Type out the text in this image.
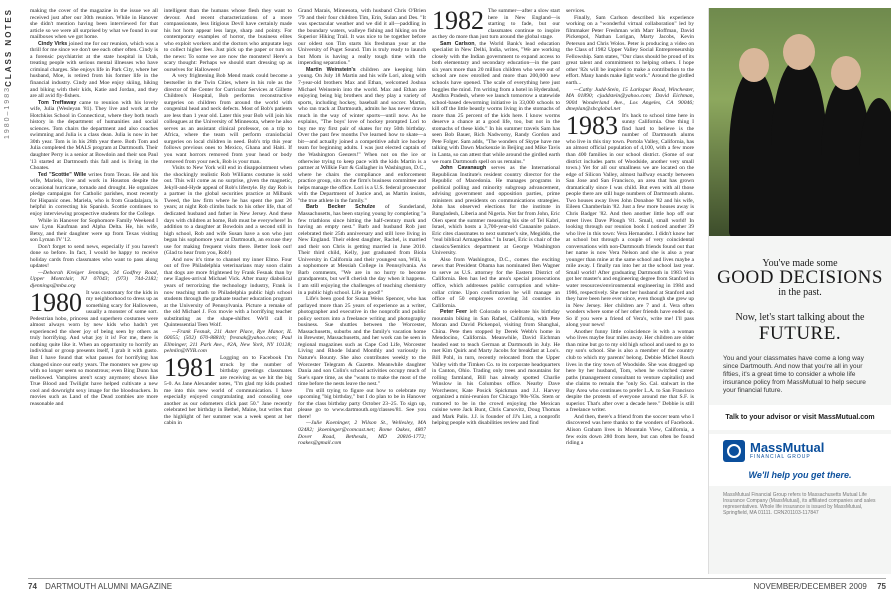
CLASS NOTES
1980–1983

making the cover of the magazine in the issue we all received just after our 30th reunion. While in Hanover she didn't mention having been interviewed for that article so we were all surprised by what we found in our mailboxes when we got home.

Cindy Virks joined me for our reunion, which was a thrill for me since we don't see each other often. Cindy is a forensic psychiatrist at the state hospital in Utah, treating people with serious mental illnesses who have criminal charges. She enjoys life in Park City, where her husband, Moe, is retired from his former life in the financial industry. Cindy and Moe enjoy skiing, hiking and biking with their kids, Katie and Jordan, and they are all avid fly-fishers.

Tom Treffaway came to reunion with his lovely wife, Julia (Wesleyan '81). They live and work at the Hotchkiss School in Connecticut, where they both teach history in the department of humanities and social sciences. Tom chairs the department and also coaches swimming and Julia is a class dean. Julia is now in her 30th year. Tom is in his 28th year there. Both Tom and Julia completed the MALS program at Dartmouth. Their daughter Perry is a senior at Bowdoin and their son Paul '13 started at Dartmouth this fall and is living in the Choates.

Ted "Scottie" Wille writes from Texas. He and his wife, Mariela, live and work in Houston despite the occasional hurricane, tornado and drought. He organizes pledge campaigns for Catholic parishes, most recently for Hispanic ones. Mariela, who is from Guadalajara, is helpful in correcting his Spanish. Scottie continues to enjoy interviewing prospective students for the College.

While in Hanover for Sophomore Family Weekend I saw Lynn Kaufman and Alpha Delta. He, his wife, Betsy, and their daughter were up from Texas visiting son Lyman IV '12.

Don't forget to send news, especially if you haven't done so before. In fact, I would be happy to receive holiday cards from classmates who want to pass along updates!

—Deborah Kreiger Jennings, 34 Godfrey Road, Upper Montclair, NJ 07043; (973) 744-2182; djennings@mba.org

1980 It was customary for the kids in my neighborhood to dress up as something scary for Halloween, usually a monster of some sort. Pedestrian hobo, princess and superhero costumes were almost always worn by new kids who hadn't yet experienced the sheer joy of being seen by others as truly horrifying. And what joy it is! For me, there is nothing quite like it. When an opportunity to horrify an individual or group presents itself, I grab it with gusto. But I have found that what passes for horrifying has changed since our early years. The monsters we grew up with no longer seem so monstrous; even Bing Dunn has mellowed. Vampires aren't scary anymore; shows like True Blood and Twilight have helped cultivate a new cool and downright sexy image for the bloodsuckers. In movies such as Land of the Dead zombies are more reasonable and

intelligent than the humans whose flesh they want to devour. And recent characterizations of a more compassionate, less litigious Devil have certainly made his hot horn appear less large, sharp and pointy. For contemporary examples of horror, the business elites who exploit workers and the doctors who amputate legs to collect higher fees. Just pick up the paper or turn on the news: To some we are now the monsters! Here's a scary thought: Perhaps we should start dressing up as ourselves for Halloween!

A very frightening Bob Mend mask could become a bestseller in the Twin Cities, where in his role as the director of the Center for Curricular Services at Gillette Children's Hospital, Bob performs reconstructive surgeries on children from around the world with congenital head and neck defects. Most of Bob's patients are less than 1 year old. Later this year Bob will join his colleagues at the University of Minnesota, where he also serves as an assistant clinical professor, on a trip to Africa, where the team will perform craniofacial surgeries on local children in need. Bob's trip this year follows previous ones to Mexico, Ghana and Haiti. If you want horrors removed from your head or body removed from your neck, Bob is your man.

Visits to New York will end in disappointment when the shockingly realistic Rob Williams costume is sold out. This will come as no surprise, given the magnetic, Jekyll-and-Hyde appeal of Rob's lifestyle. By day Rob is a partner in the global securities practice at Milbank Tweed, the law firm where he has spent the past 26 years; at night Rob climbs back to his other life, that of dedicated husband and father in New Jersey. And these days with children at home, Rob must be everywhere! In addition to a daughter at Bowdoin and a second still in high school, Rob and wife Susan have a son who just began his sophomore year at Dartmouth, an excuse they use for making frequent visits there. Better look out! (Glad to hear from you, Rob!)

And now it's time to channel my inner Elmo. Four out of five Philadelphia veterinarians may soon claim that dogs are more frightened by Frank Fesnak than by new Eagles-arrival Michael Vick. After many diabolical years of terrorizing the technology industry, Frank is now teaching math to Philadelphia public high school students through the graduate teacher education program at the University of Pennsylvania. Picture a remake of the old Michael J. Fox movie with a horrifying teacher substituting as the shape-shifter. We'll call it Quintessential Teen Wolf.

—Frank Fesnak, 211 Aster Place, Rye Manor, IL 60055; (502) 670-88810; fresnak@yahoo.com; Paul Ellminger, 211 Park Ave., #2A, New York, NY 10128; pelmlin@NYB.com

1981 Logging on to Facebook I'm struck by the number of birthday greetings classmates are receiving as we hit the big 5-0. As Jane Alexander notes, "I'm glad my kids pushed me into this new world of communication. I have especially enjoyed congratulating and consoling one another as our odometers click past 50." Jane recently celebrated her birthday in Bethel, Maine, but writes that the highlight of her summer was a week spent at her cabin in

Grand Marais, Minnesota, with husband Chris O'Brien '79 and their four children Tim, Erin, Sulan and Des. "It was spectacular weather and we did it all—paddling in the boundary waters, walleye fishing and hiking on the Superior Hiking Trail. It was nice to be together before our oldest son Tim starts his freshman year at the University of Puget Sound. Tim is truly ready to launch but Mom is having a really tough time with the impending separation."

Martin Weinstein's children are keeping him young. On July 18 Martin and his wife Lori, along with 7-year-old brothers Max and Ethan, welcomed Joshua Michael Weinstein into the world. Max and Ethan are enjoying being big brothers and they play a variety of sports, including hockey, baseball and soccer. Martin, who ran track at Dartmouth, admits he has never drawn much in the way of winter sports—until now. As he explains, "The boys' love of hockey prompted Lori to buy me my first pair of skates for my 50th birthday. Over the past few months I've learned how to skate—a bit—and actually joined a competitive adult ice hockey team for beginning adults. I was just elected captain of the Washington Geezers!" When not on the ice or otherwise trying to keep pace with the kids Martin is a partner at Willkie Farr & Gallagher in Washington, D.C., where he chairs the compliance and enforcement practice group, sits on the firm's business committee and helps manage the office. Lori is a U.S. federal prosecutor with the Department of Justice and, as Martin insists, "the true athlete in the family."

Barb Becker Schulze of Sunderland, Massachusetts, has been staying young by completing "a few triathlons since hitting the half-century mark and having an empty nest." Barb and husband Rob just celebrated their 25th anniversary and still love living in New England. Their eldest daughter, Rachel, is married and their son Chris is getting married in June 2010. Their third child, Kelly, just graduated from Biola University in California and their youngest son, Will, is a sophomore at Messiah College in Pennsylvania. As Barb comments, "We are in no hurry to become grandparents, but we'll cherish the day when it happens. I am still enjoying the challenges of teaching chemistry in a public high school. Life is good!"

Life's been good for Susan Weiss Spencer, who has parlayed more than 25 years of experience as a writer, photographer and executive in the nonprofit and public policy sectors into a freelance writing and photography business. Sue shuttles between the Worcester, Massachusetts, suburbs and the family's vacation home in Brewster, Massachusetts, and her work can be seen in regional magazines such as Cape Cod Life, Worcester Living and Rhode Island Monthly and variously in Nature's Bounty. She also contributes weekly to the Worcester Telegram & Gazette. Meanwhile daughter Dania and son Colin's school activities occupy much of Sue's spare time, as she "wants to make the most of the time before the nests leave the nest."

I'm still trying to figure out how to celebrate my upcoming "big birthday," but I do plan to be in Hanover for the class birthday party October 23–25. To sign up, please go to www.dartmouth.org/classes/81. See you there!

—Julie Koeninger, 2 Wilson St., Wellesley, MA 02482; jkoeninger@comcast.net; Rome Oakes, 4807 Dover Road, Bethesda, MD 20816-1772; roakes@gmail.com

1982 The summer—after a slow start here in New England—is starting to fade, but our classmates continue to inspire as they do more than just turn around the global stage.

Sam Carlson, the World Bank's lead education specialist in New Delhi, India, writes, "We are working closely with the Indian government to expand access to both elementary and secondary education—in the past six years more than 20 million children who were out of school are now enrolled and more than 200,000 new schools have opened. The scale of everything here just boggles the mind. I'm writing from a hotel in Hyderabad, Andhra Pradesh, where we launch tomorrow a statewide school-based deworming initiative in 33,000 schools to kill off the little beastly worms living in the stomachs of more than 25 percent of the kids here. I know worms deserve a chance at a good life, too, but not in the stomachs of these kids." In his summer travels Sam has seen Bob Bauer, Rich Nadworny, Randy Gordon and Pete Folger. Sam adds, "The wonders of Skype have me talking with Dawn Mackenzie in Beijing and Mike Tavis in Lanta, so can attest that while around the girdled earth we roam Dartmouth spell on us remains."

John Cavanaugh serves as the International Republican Institute's resident country director for the Republic of Macedonia. He manages programs in political polling and minority subgroup advancement, advising government and opposition parties, prime ministers and presidents on communications strategies. John has observed elections for the institute in Bangladesh, Liberia and Nigeria. Not far from John, Eric Oien spent the summer measuring his site of Tel Kabri, Israel, which hosts a 3,700-year-old Canaanite palace. Eric cites classmates to next summer's site, Megiddo, the "real biblical Armageddon." In Israel, Eric is chair of the classics/Semitics department at George Washington University.

Also from Washington, D.C., comes the exciting news that President Obama has nominated Ben Wagner to serve as U.S. attorney for the Eastern District of California. Ben has led the area's special prosecutions office, which addresses public corruption and white-collar crime. Upon confirmation he will manage an office of 50 employees covering 34 counties in California.

Peter Feer left Colorado to celebrate his birthday mountain biking in San Rafael, California, with Pete Moran and David Pickenpol, visiting from Shanghai, China. Pete then stopped by Derek Webb's home in Mendocino, California. Meanwhile, David Eichman headed east to teach German at Dartmouth in July. He met Kim Quirk and Marty Jacobs for breakfast at Lou's. Bill Pohl, in turn, recently relocated from the Upper Valley with the Timken Co. to its corporate headquarters in Canton, Ohio. Trading only trees and mountains for rolling farmland, Bill has already spotted Charlie Winslow in his Columbus office. Nearby Dave Worchester, Kate Posick Spickman and J.J. Harvey organized a mini-reunion for Chicago '80s-'83s. Stem or rumored to be in the crowd enjoying the Mexican cuisine were Jack Bunt, Chris Carsovitz, Doug Thomas and Mark Palis. J.J. is founder of JJ's List, a nonprofit helping people with disabilities review and find

services.

Finally, Sam Carlson described his experience working on a "wonderful virtual collaboration" led by filmmaker Peter Freshman with Marr Hoffman, David Pickenpol, Nathan Lorigan, Marty Jacobs, Kevin Peterson and Chris Wolos. Peter is producing a video on the Class of 1982 Upper Valley Social Entrepreneurship Fellowship. Sam states, "Our class should be proud of its great talent and commitment to helping others. I hope other '82s will be inspired to make a contribution to the effort. Many hands make light work." Around the girdled earth...

—Cathy Judd-Stein, 15 Larkspur Road, Winchester, MA 01890; cjuddstein@yahoo.com; David Eichman, 9004 Wonderland Ave., Los Angeles, CA 90046; dmeplan@sbcglobal.net

1983 It's back to school time here in sunny California. One thing I find hard to believe is the number of Dartmouth alums who live in this tiny town. Portola Valley, California, has an almost official population of 4,100, with a few more than 400 families in our school district. (Some of our district includes parts of Woodside, another very small town.) Yet for all our smallness we are located on the edge of Silicon Valley, almost halfway exactly between San Jose and San Francisco, an area that has grown dramatically since I was child. But even with all those people there are still huge numbers of Dartmouth alums. Two houses away lives John Donahoe '82 and his wife, Eileen Chamberlain '82. Just a few more houses away is Chris Badger '82. And then another little hop off our street lives Dave Plough '81. Small, small world! In looking through our reunion book I noticed another 39 who live in this town: Vera Hernandez. I didn't know her at school but through a couple of very coincidental conversations with non-Dartmouth friends found out that her name is now Vera Nelson and she is also a year younger than mine at the same school and lives maybe a mile away. I finally ran into her at the school last year. Small world! After graduating Dartmouth in 1983 Vera got her master's and engineering degree from Stanford in water resources/environmental engineering in 1984 and 1986, respectively. She met her husband at Stanford and they have been here ever since, even though she grew up in New Jersey. Her children are 7 and 4. Vera often wonders where some of her other friends have ended up. So if you were a friend of Vera's, write me! I'll pass along your news!

Another funny little coincidence is with a woman who lives maybe four miles away. Her children are older than mine but go to my old high school and used to go to my son's school. She is also a member of the country club to which my parents' belong. Debbie Michel Rosch lives in the tiny town of Woodside. She was dragged up here by her husband, Tom, when he switched career paths (management consultant to venture capitalist) and she claims to remain the "only So. Cal. stalwart in the Bay Area who continues to prefer L.A. to San Francisco despite the protests of everyone around me that S.F. is superior. That's after over a decade here." Debbie is still a freelance writer.

And then, there's a friend from the soccer team who I discovered was here thanks to the wonders of Facebook. Alison Graham lives in Mountain View, California, a few exits down 280 from here, but can often be found riding a

You've made some
GOOD DECISIONS
in the past.
Now, let's start talking about the
FUTURE.
You and your classmates have come a long way since Dartmouth. And now that you're all in your fifties, it's a great time to consider a whole life insurance policy from MassMutual to help secure your financial future.
Talk to your advisor or visit MassMutual.com
MassMutual
FINANCIAL GROUP
We'll help you get there.
MassMutual Financial Group refers to Massachusetts Mutual Life Insurance Company (MassMutual), its affiliated companies and sales representatives. Whole life insurance is issued by MassMutual, Springfield, MA 01111. CRN201103-117847
74 DARTMOUTH ALUMNI MAGAZINE	NOVEMBER/DECEMBER 2009 75
